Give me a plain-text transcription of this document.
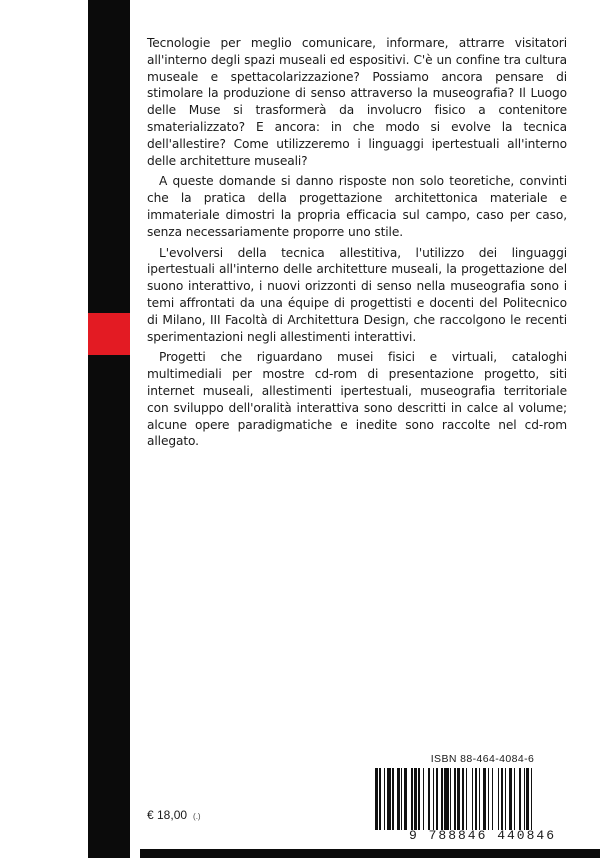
Tecnologie per meglio comunicare, informare, attrarre visitatori all'interno degli spazi museali ed espositivi. C'è un confine tra cultura museale e spettacolarizzazione? Possiamo ancora pensare di stimolare la produzione di senso attraverso la museografia? Il Luogo delle Muse si trasformerà da involucro fisico a contenitore smaterializzato? E ancora: in che modo si evolve la tecnica dell'allestire? Come utilizzeremo i linguaggi ipertestuali all'interno delle architetture museali?

A queste domande si danno risposte non solo teoretiche, convinti che la pratica della progettazione architettonica materiale e immateriale dimostri la propria efficacia sul campo, caso per caso, senza necessariamente proporre uno stile.

L'evolversi della tecnica allestitiva, l'utilizzo dei linguaggi ipertestuali all'interno delle architetture museali, la progettazione del suono interattivo, i nuovi orizzonti di senso nella museografia sono i temi affrontati da una équipe di progettisti e docenti del Politecnico di Milano, III Facoltà di Architettura Design, che raccolgono le recenti sperimentazioni negli allestimenti interattivi.

Progetti che riguardano musei fisici e virtuali, cataloghi multimediali per mostre cd-rom di presentazione progetto, siti internet museali, allestimenti ipertestuali, museografia territoriale con sviluppo dell'oralità interattiva sono descritti in calce al volume; alcune opere paradigmatiche e inedite sono raccolte nel cd-rom allegato.

€ 18,00 (.)
ISBN 88-464-4084-6
9 788846 440846
